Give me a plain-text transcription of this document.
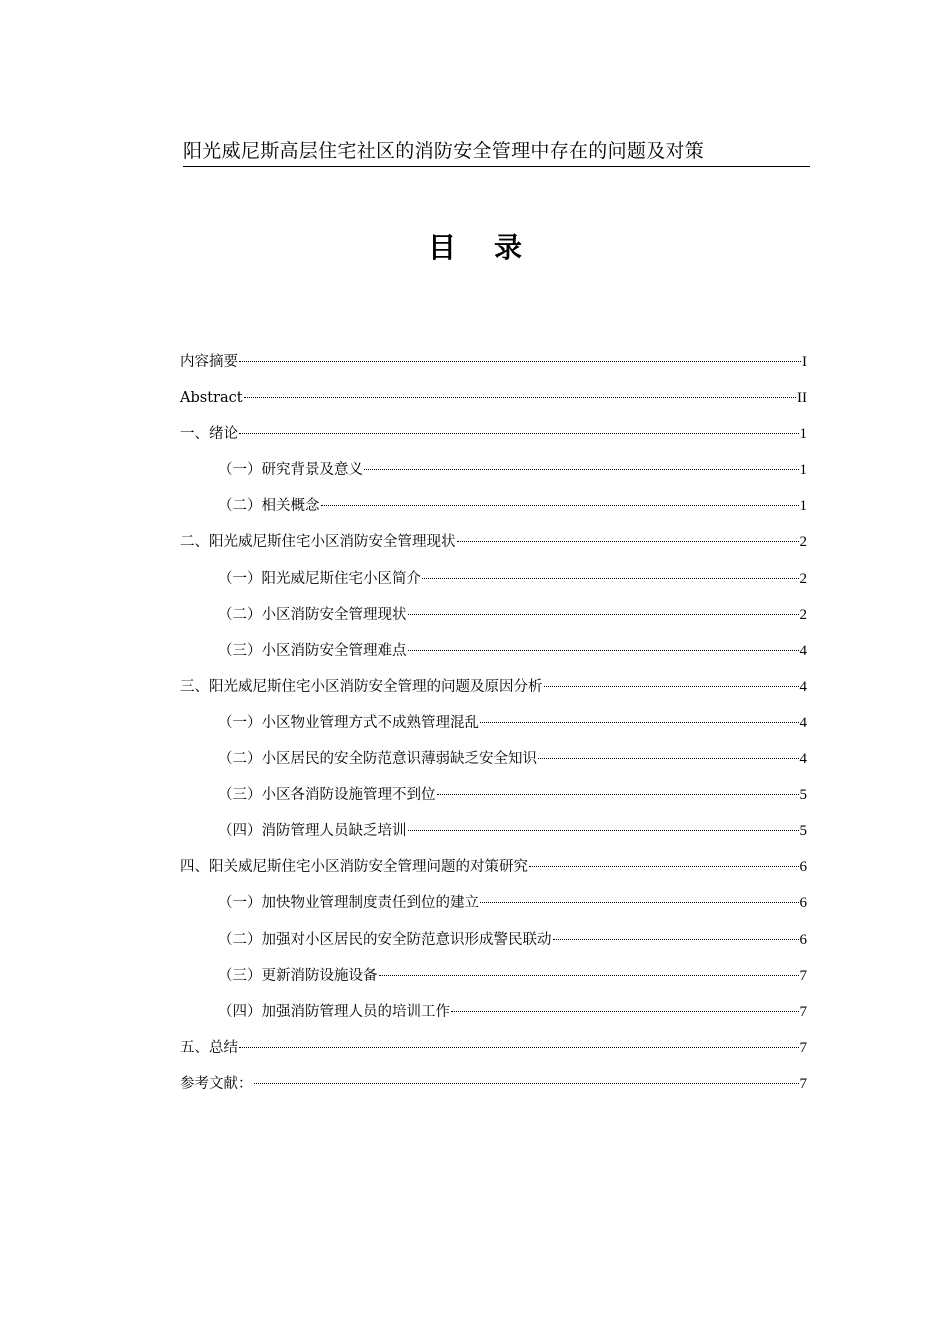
阳光威尼斯高层住宅社区的消防安全管理中存在的问题及对策
目录
内容摘要	I
Abstract	II
一、绪论	1
（一）研究背景及意义	1
（二）相关概念	1
二、阳光威尼斯住宅小区消防安全管理现状	2
（一）阳光威尼斯住宅小区简介	2
（二）小区消防安全管理现状	2
（三）小区消防安全管理难点	4
三、阳光威尼斯住宅小区消防安全管理的问题及原因分析	4
（一）小区物业管理方式不成熟管理混乱	4
（二）小区居民的安全防范意识薄弱缺乏安全知识	4
（三）小区各消防设施管理不到位	5
（四）消防管理人员缺乏培训	5
四、阳关威尼斯住宅小区消防安全管理问题的对策研究	6
（一）加快物业管理制度责任到位的建立	6
（二）加强对小区居民的安全防范意识形成警民联动	6
（三）更新消防设施设备	7
（四）加强消防管理人员的培训工作	7
五、总结	7
参考文献：	7
